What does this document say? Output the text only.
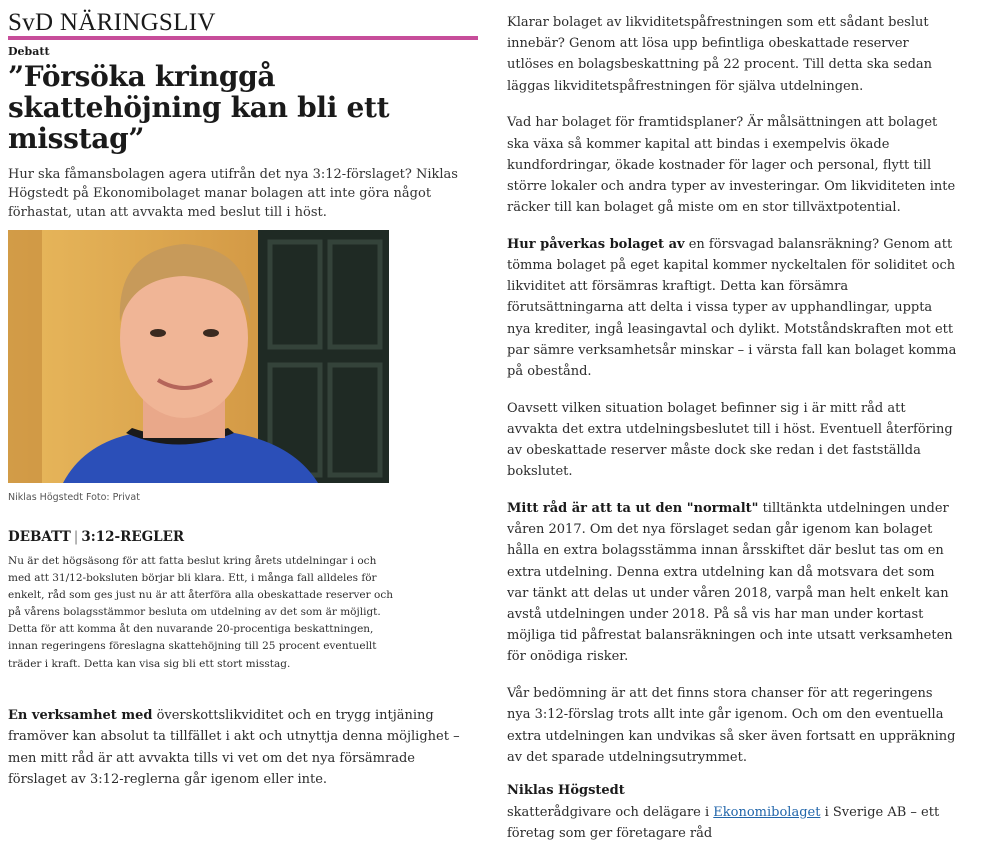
SvD NÄRINGSLIV
Debatt
”Försöka kringgå skattehöjning kan bli ett misstag”

Hur ska fåmansbolagen agera utifrån det nya 3:12-förslaget? Niklas Högstedt på Ekonomibolaget manar bolagen att inte göra något förhastat, utan att avvakta med beslut till i höst.

Niklas Högstedt Foto: Privat
DEBATT | 3:12-REGLER

Nu är det högsäsong för att fatta beslut kring årets utdelningar i och med att 31/12-boksluten börjar bli klara. Ett, i många fall alldeles för enkelt, råd som ges just nu är att återföra alla obeskattade reserver och på vårens bolagsstämmor besluta om utdelning av det som är möjligt. Detta för att komma åt den nuvarande 20-procentiga beskattningen, innan regeringens föreslagna skattehöjning till 25 procent eventuellt träder i kraft. Detta kan visa sig bli ett stort misstag.

En verksamhet med överskottslikviditet och en trygg intjäning framöver kan absolut ta tillfället i akt och utnyttja denna möjlighet – men mitt råd är att avvakta tills vi vet om det nya försämrade förslaget av 3:12-reglerna går igenom eller inte.

Klarar bolaget av likviditetspåfrestningen som ett sådant beslut innebär? Genom att lösa upp befintliga obeskattade reserver utlöses en bolagsbeskattning på 22 procent. Till detta ska sedan läggas likviditetspåfrestningen för själva utdelningen.

Vad har bolaget för framtidsplaner? Är målsättningen att bolaget ska växa så kommer kapital att bindas i exempelvis ökade kundfordringar, ökade kostnader för lager och personal, flytt till större lokaler och andra typer av investeringar. Om likviditeten inte räcker till kan bolaget gå miste om en stor tillväxtpotential.

Hur påverkas bolaget av en försvagad balansräkning? Genom att tömma bolaget på eget kapital kommer nyckeltalen för soliditet och likviditet att försämras kraftigt. Detta kan försämra förutsättningarna att delta i vissa typer av upphandlingar, uppta nya krediter, ingå leasingavtal och dylikt. Motståndskraften mot ett par sämre verksamhetsår minskar – i värsta fall kan bolaget komma på obestånd.

Oavsett vilken situation bolaget befinner sig i är mitt råd att avvakta det extra utdelningsbeslutet till i höst. Eventuell återföring av obeskattade reserver måste dock ske redan i det fastställda bokslutet.

Mitt råd är att ta ut den "normalt" tilltänkta utdelningen under våren 2017. Om det nya förslaget sedan går igenom kan bolaget hålla en extra bolagsstämma innan årsskiftet där beslut tas om en extra utdelning. Denna extra utdelning kan då motsvara det som var tänkt att delas ut under våren 2018, varpå man helt enkelt kan avstå utdelningen under 2018. På så vis har man under kortast möjliga tid påfrestat balansräkningen och inte utsatt verksamheten för onödiga risker.

Vår bedömning är att det finns stora chanser för att regeringens nya 3:12-förslag trots allt inte går igenom. Och om den eventuella extra utdelningen kan undvikas så sker även fortsatt en uppräkning av det sparade utdelningsutrymmet.

Niklas Högstedt

skatterådgivare och delägare i Ekonomibolaget i Sverige AB – ett företag som ger företagare råd
